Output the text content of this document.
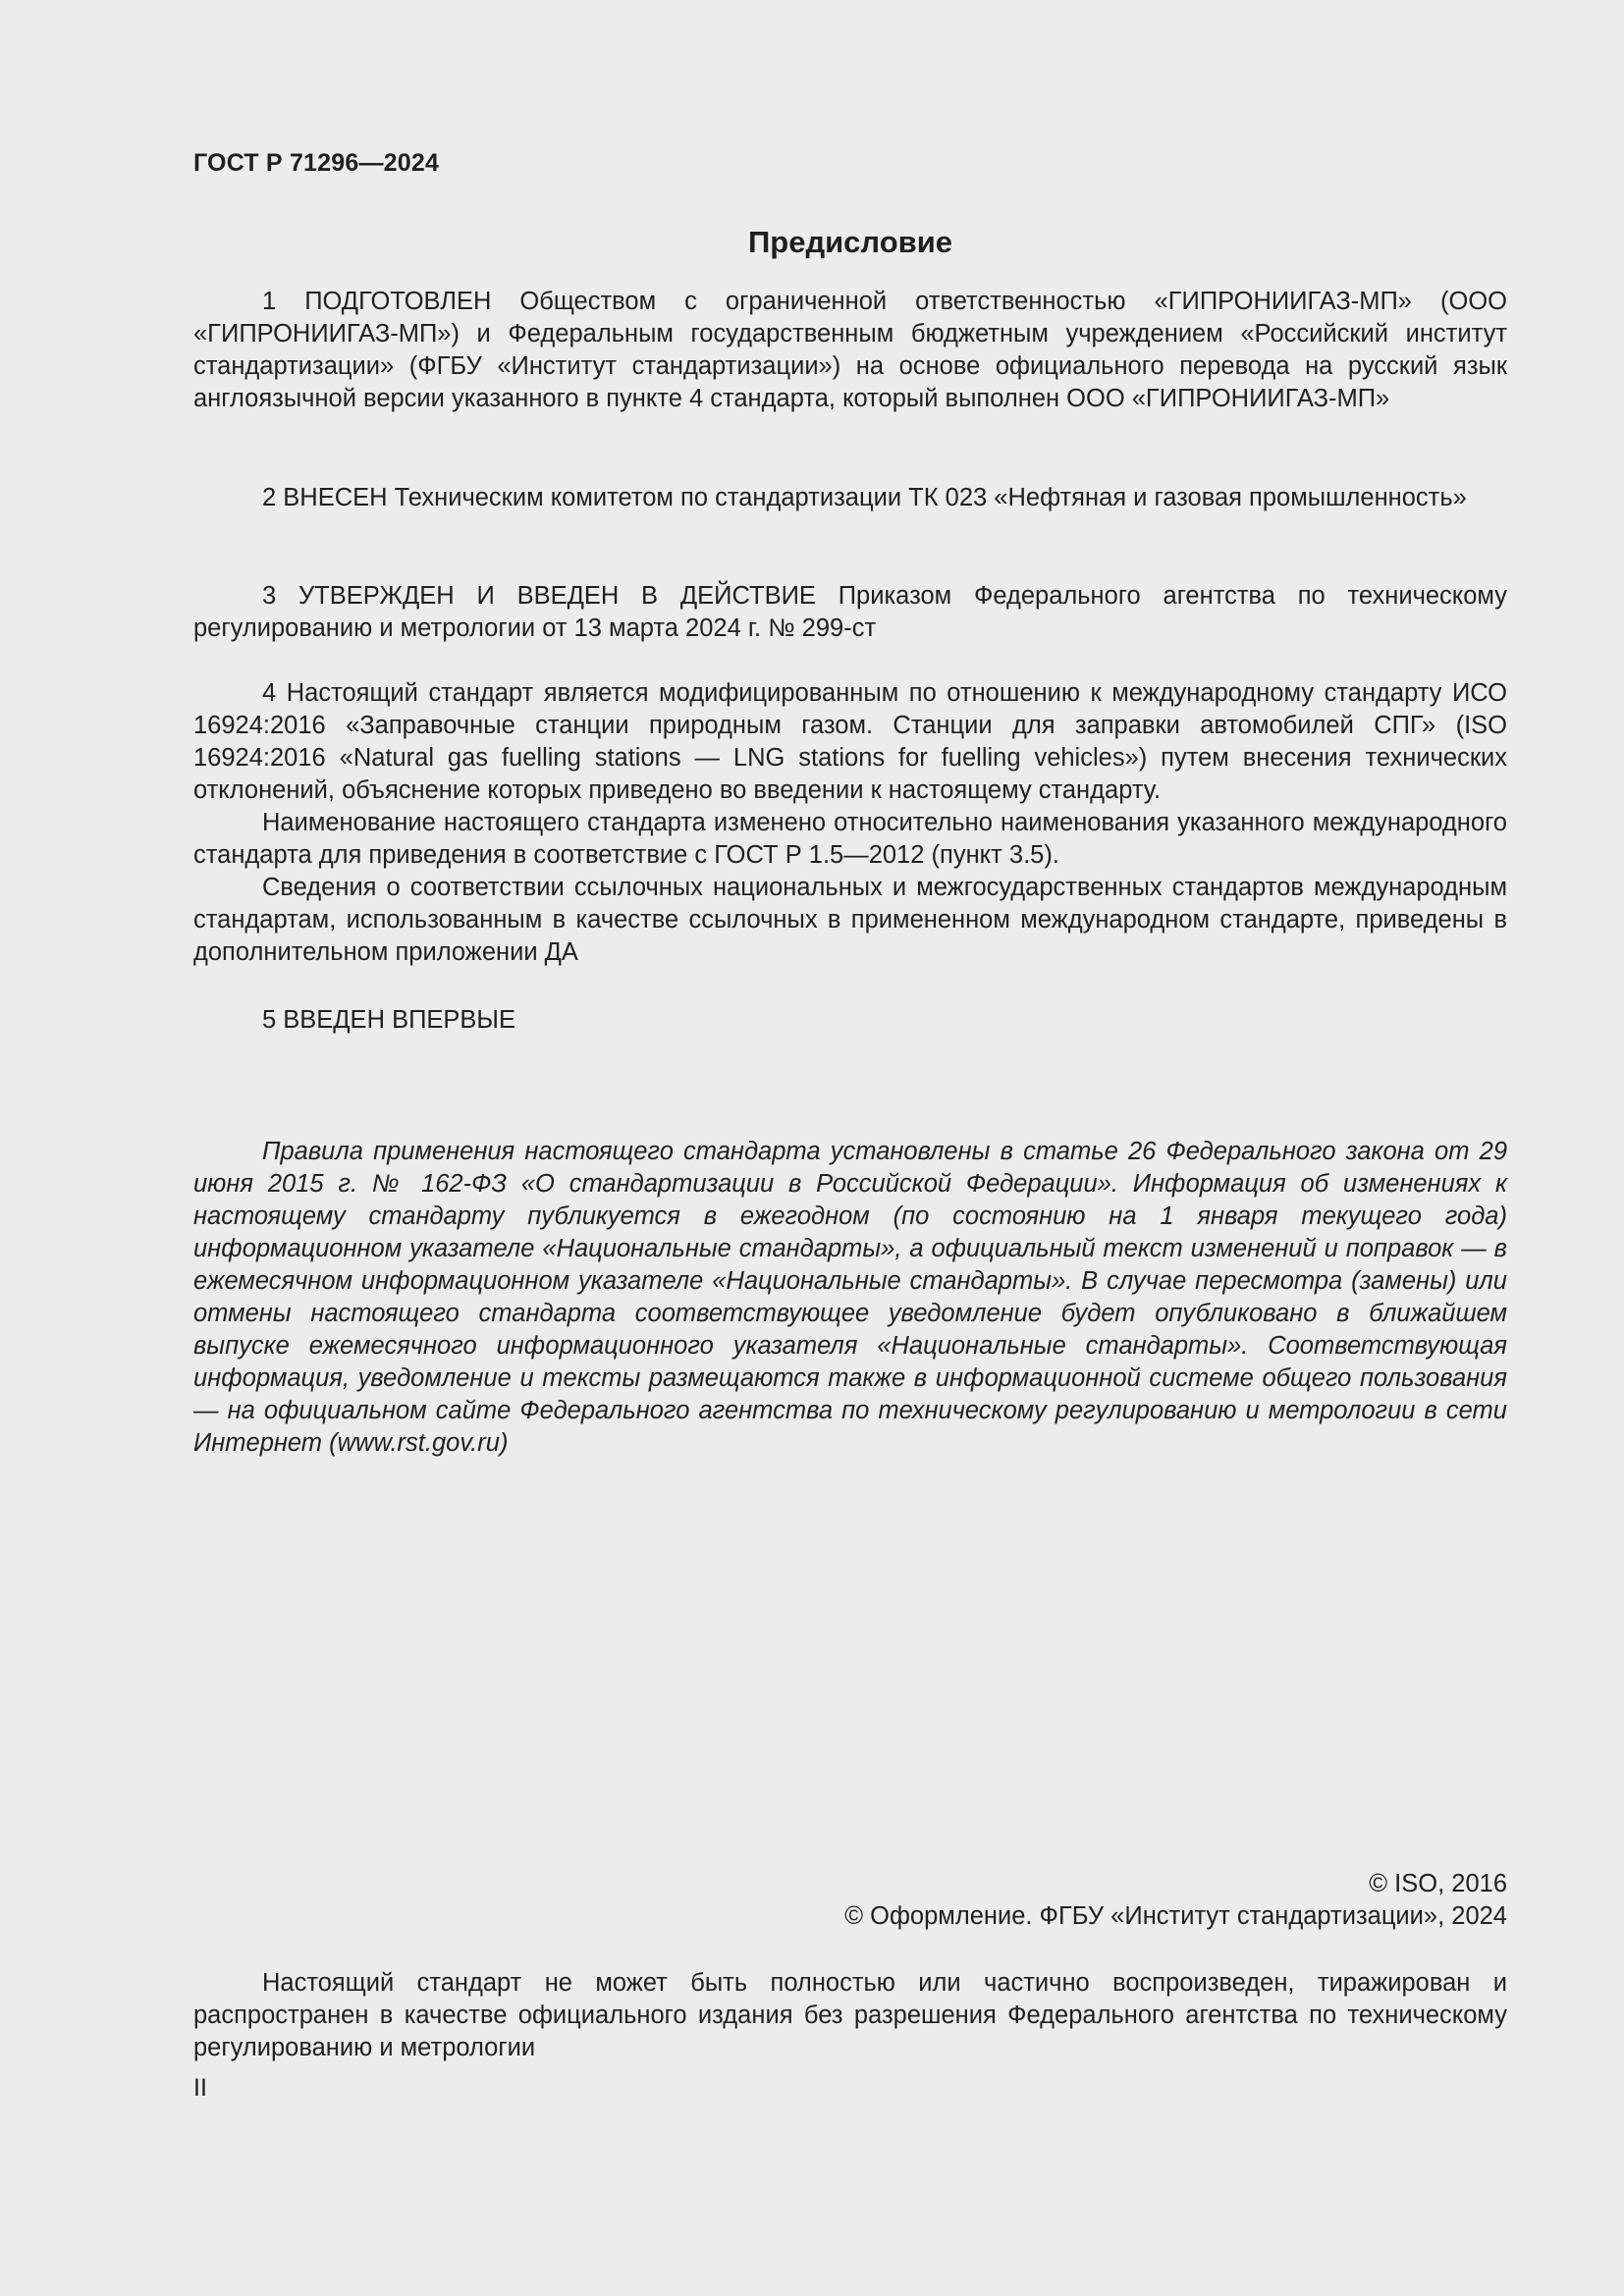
ГОСТ Р 71296—2024
Предисловие

1 ПОДГОТОВЛЕН Обществом с ограниченной ответственностью «ГИПРОНИИГАЗ-МП» (ООО «ГИПРОНИИГАЗ-МП») и Федеральным государственным бюджетным учреждением «Российский институт стандартизации» (ФГБУ «Институт стандартизации») на основе официального перевода на русский язык англоязычной версии указанного в пункте 4 стандарта, который выполнен ООО «ГИПРОНИИГАЗ-МП»

2 ВНЕСЕН Техническим комитетом по стандартизации ТК 023 «Нефтяная и газовая промышленность»

3 УТВЕРЖДЕН И ВВЕДЕН В ДЕЙСТВИЕ Приказом Федерального агентства по техническому регулированию и метрологии от 13 марта 2024 г. № 299-ст

4 Настоящий стандарт является модифицированным по отношению к международному стандарту ИСО 16924:2016 «Заправочные станции природным газом. Станции для заправки автомобилей СПГ» (ISO 16924:2016 «Natural gas fuelling stations — LNG stations for fuelling vehicles») путем внесения технических отклонений, объяснение которых приведено во введении к настоящему стандарту.

Наименование настоящего стандарта изменено относительно наименования указанного международного стандарта для приведения в соответствие с ГОСТ Р 1.5—2012 (пункт 3.5).

Сведения о соответствии ссылочных национальных и межгосударственных стандартов международным стандартам, использованным в качестве ссылочных в примененном международном стандарте, приведены в дополнительном приложении ДА

5 ВВЕДЕН ВПЕРВЫЕ

Правила применения настоящего стандарта установлены в статье 26 Федерального закона от 29 июня 2015 г. № 162-ФЗ «О стандартизации в Российской Федерации». Информация об изменениях к настоящему стандарту публикуется в ежегодном (по состоянию на 1 января текущего года) информационном указателе «Национальные стандарты», а официальный текст изменений и поправок — в ежемесячном информационном указателе «Национальные стандарты». В случае пересмотра (замены) или отмены настоящего стандарта соответствующее уведомление будет опубликовано в ближайшем выпуске ежемесячного информационного указателя «Национальные стандарты». Соответствующая информация, уведомление и тексты размещаются также в информационной системе общего пользования — на официальном сайте Федерального агентства по техническому регулированию и метрологии в сети Интернет (www.rst.gov.ru)

© ISO, 2016
© Оформление. ФГБУ «Институт стандартизации», 2024

Настоящий стандарт не может быть полностью или частично воспроизведен, тиражирован и распространен в качестве официального издания без разрешения Федерального агентства по техническому регулированию и метрологии

II
